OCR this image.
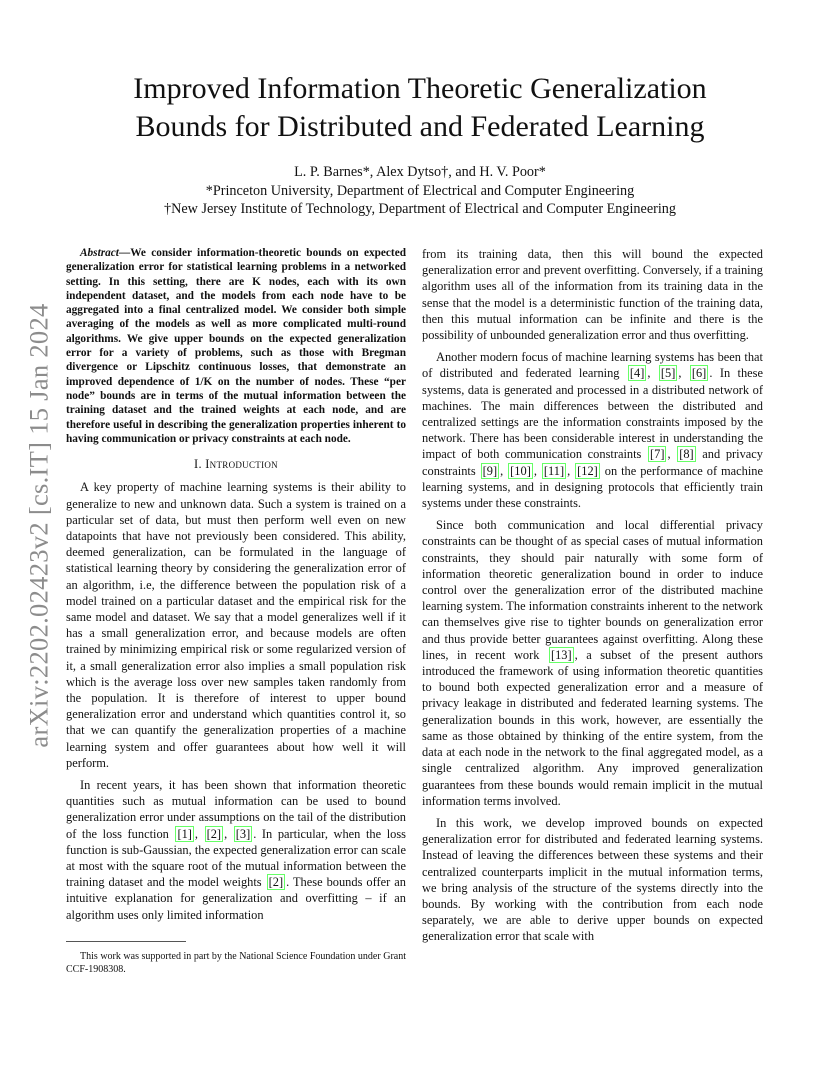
arXiv:2202.02423v2 [cs.IT] 15 Jan 2024
Improved Information Theoretic Generalization
Bounds for Distributed and Federated Learning
L. P. Barnes*, Alex Dytso†, and H. V. Poor*
*Princeton University, Department of Electrical and Computer Engineering
†New Jersey Institute of Technology, Department of Electrical and Computer Engineering

Abstract—We consider information-theoretic bounds on expected generalization error for statistical learning problems in a networked setting. In this setting, there are K nodes, each with its own independent dataset, and the models from each node have to be aggregated into a final centralized model. We consider both simple averaging of the models as well as more complicated multi-round algorithms. We give upper bounds on the expected generalization error for a variety of problems, such as those with Bregman divergence or Lipschitz continuous losses, that demonstrate an improved dependence of 1/K on the number of nodes. These “per node” bounds are in terms of the mutual information between the training dataset and the trained weights at each node, and are therefore useful in describing the generalization properties inherent to having communication or privacy constraints at each node.

I. Introduction

A key property of machine learning systems is their ability to generalize to new and unknown data. Such a system is trained on a particular set of data, but must then perform well even on new datapoints that have not previously been considered. This ability, deemed generalization, can be formulated in the language of statistical learning theory by considering the generalization error of an algorithm, i.e, the difference between the population risk of a model trained on a particular dataset and the empirical risk for the same model and dataset. We say that a model generalizes well if it has a small generalization error, and because models are often trained by minimizing empirical risk or some regularized version of it, a small generalization error also implies a small population risk which is the average loss over new samples taken randomly from the population. It is therefore of interest to upper bound generalization error and understand which quantities control it, so that we can quantify the generalization properties of a machine learning system and offer guarantees about how well it will perform.

In recent years, it has been shown that information theoretic quantities such as mutual information can be used to bound generalization error under assumptions on the tail of the distribution of the loss function [1] , [2] , [3] . In particular, when the loss function is sub-Gaussian, the expected generalization error can scale at most with the square root of the mutual information between the training dataset and the model weights [2] . These bounds offer an intuitive explanation for generalization and overfitting – if an algorithm uses only limited information

This work was supported in part by the National Science Foundation under Grant CCF-1908308.

from its training data, then this will bound the expected generalization error and prevent overfitting. Conversely, if a training algorithm uses all of the information from its training data in the sense that the model is a deterministic function of the training data, then this mutual information can be infinite and there is the possibility of unbounded generalization error and thus overfitting.

Another modern focus of machine learning systems has been that of distributed and federated learning [4] , [5] , [6] . In these systems, data is generated and processed in a distributed network of machines. The main differences between the distributed and centralized settings are the information constraints imposed by the network. There has been considerable interest in understanding the impact of both communication constraints [7] , [8] and privacy constraints [9] , [10] , [11] , [12] on the performance of machine learning systems, and in designing protocols that efficiently train systems under these constraints.

Since both communication and local differential privacy constraints can be thought of as special cases of mutual information constraints, they should pair naturally with some form of information theoretic generalization bound in order to induce control over the generalization error of the distributed machine learning system. The information constraints inherent to the network can themselves give rise to tighter bounds on generalization error and thus provide better guarantees against overfitting. Along these lines, in recent work [13] , a subset of the present authors introduced the framework of using information theoretic quantities to bound both expected generalization error and a measure of privacy leakage in distributed and federated learning systems. The generalization bounds in this work, however, are essentially the same as those obtained by thinking of the entire system, from the data at each node in the network to the final aggregated model, as a single centralized algorithm. Any improved generalization guarantees from these bounds would remain implicit in the mutual information terms involved.

In this work, we develop improved bounds on expected generalization error for distributed and federated learning systems. Instead of leaving the differences between these systems and their centralized counterparts implicit in the mutual information terms, we bring analysis of the structure of the systems directly into the bounds. By working with the contribution from each node separately, we are able to derive upper bounds on expected generalization error that scale with
